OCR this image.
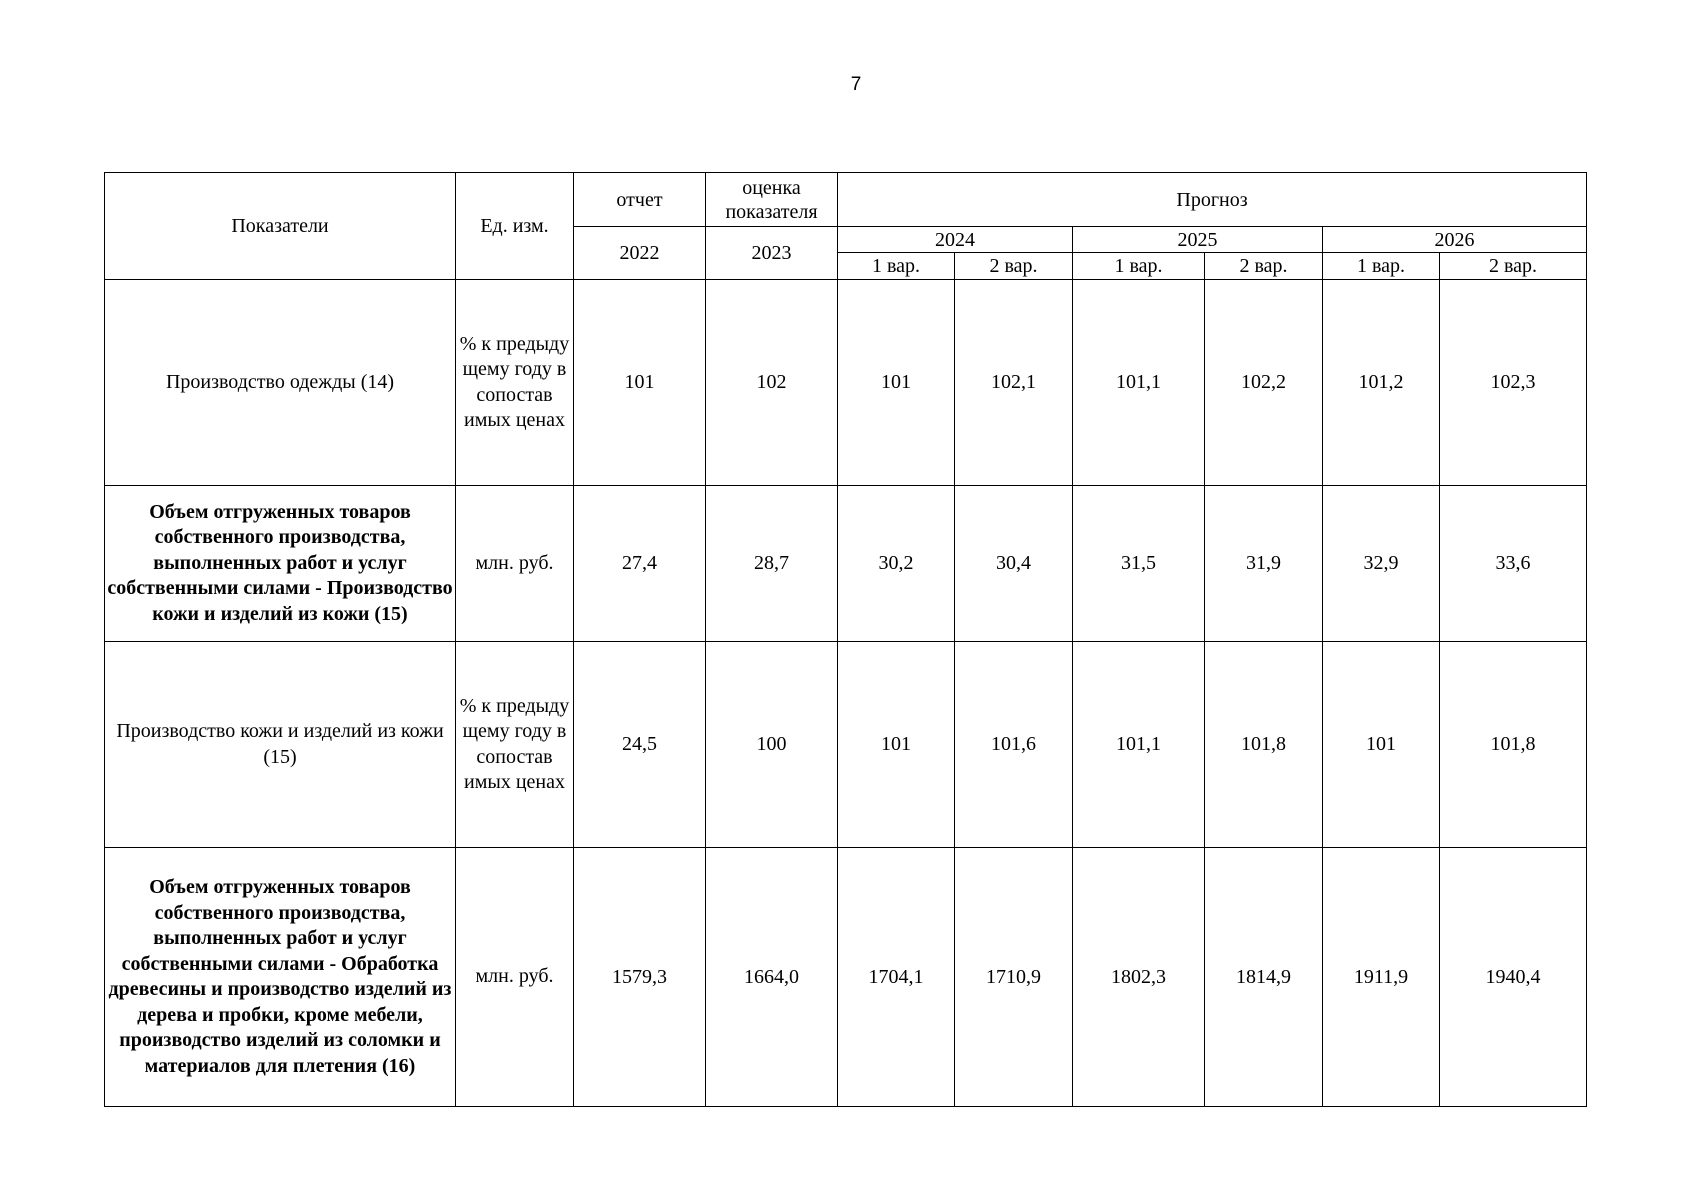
7
Показатели	Ед. изм.	отчет	оценка показателя	Прогноз					
		2022	2023	2024		2025		2026	
				1 вар.	2 вар.	1 вар.	2 вар.	1 вар.	2 вар.
Производство одежды (14)	% к предыду щему году в сопостав имых ценах	101	102	101	102,1	101,1	102,2	101,2	102,3
Объем отгруженных товаров собственного производства, выполненных работ и услуг собственными силами - Производство кожи и изделий из кожи (15)	млн. руб.	27,4	28,7	30,2	30,4	31,5	31,9	32,9	33,6
Производство кожи и изделий из кожи (15)	% к предыду щему году в сопостав имых ценах	24,5	100	101	101,6	101,1	101,8	101	101,8
Объем отгруженных товаров собственного производства, выполненных работ и услуг собственными силами - Обработка древесины и производство изделий из дерева и пробки, кроме мебели, производство изделий из соломки и материалов для плетения (16)	млн. руб.	1579,3	1664,0	1704,1	1710,9	1802,3	1814,9	1911,9	1940,4
